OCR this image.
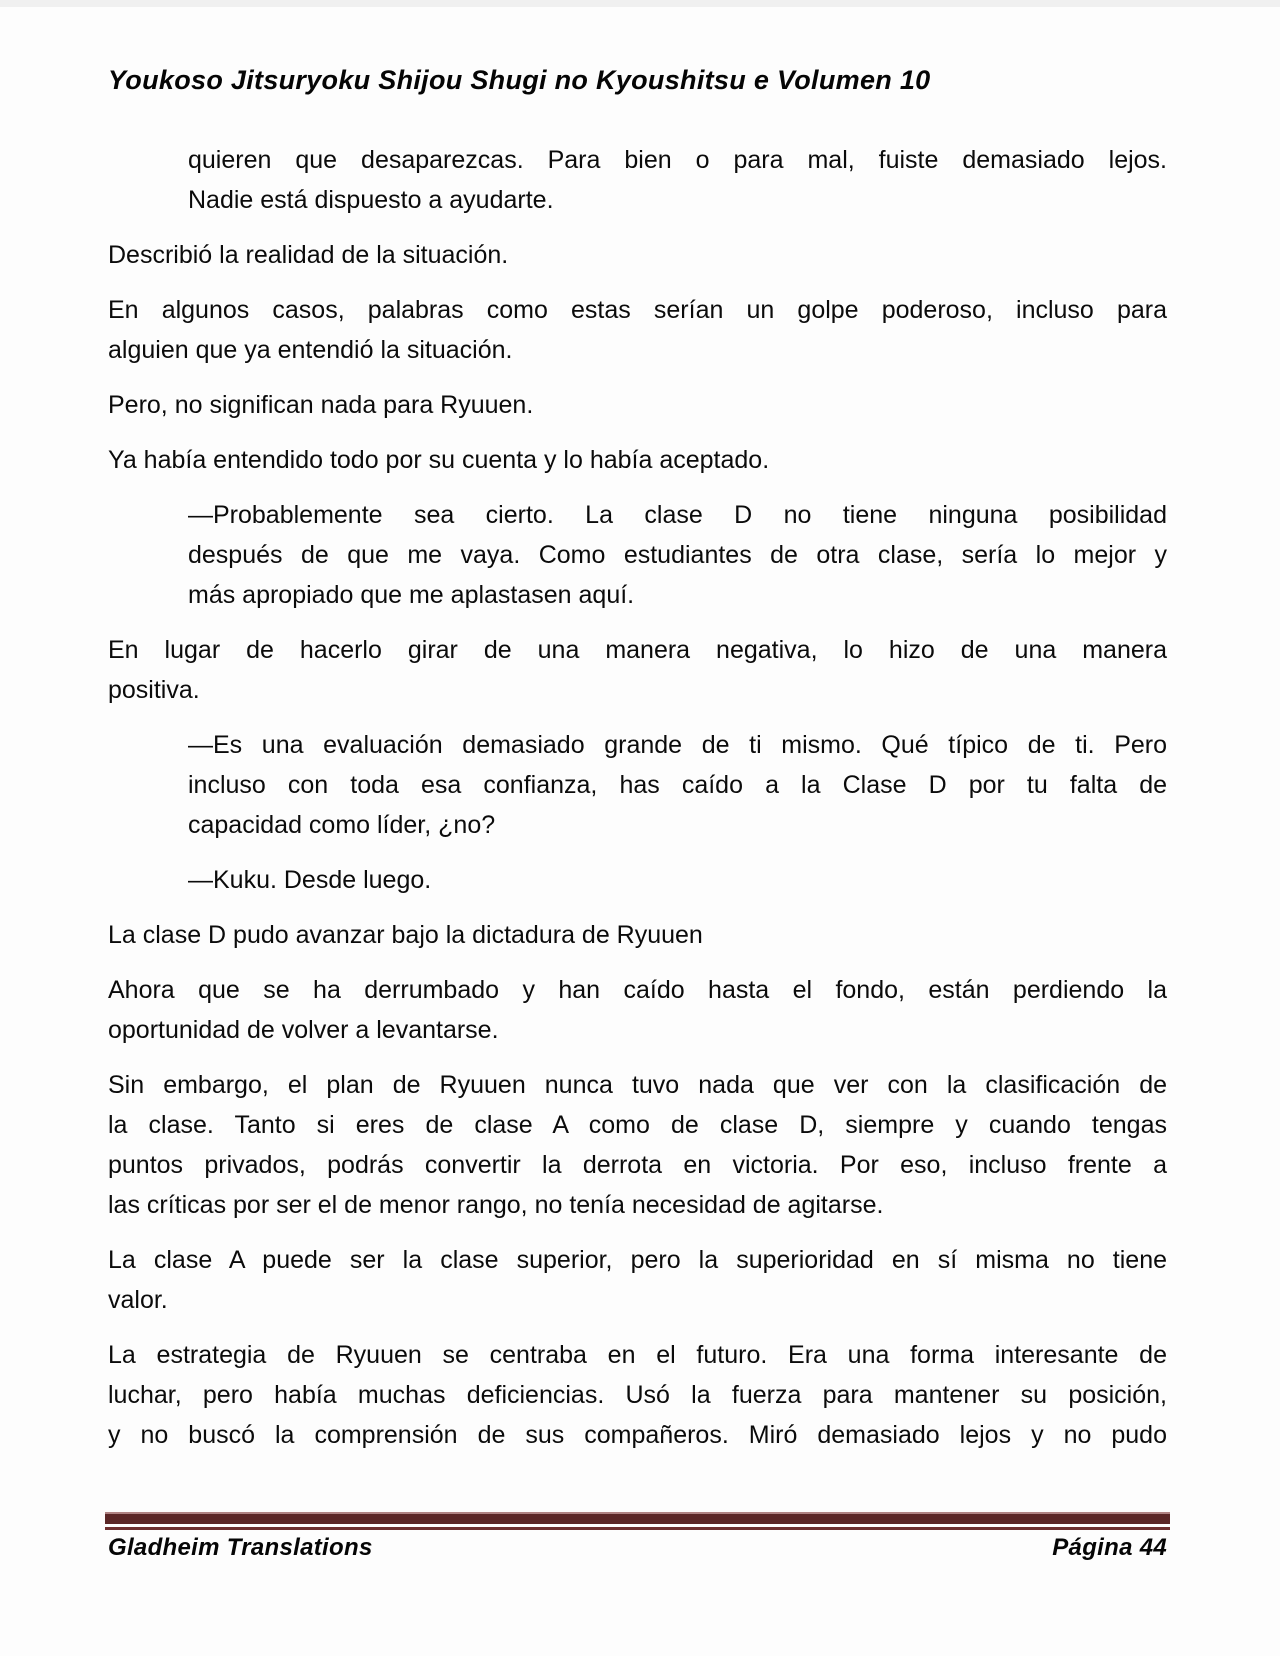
Youkoso Jitsuryoku Shijou Shugi no Kyoushitsu e Volumen 10

quieren que desaparezcas. Para bien o para mal, fuiste demasiado lejos.
Nadie está dispuesto a ayudarte.

Describió la realidad de la situación.

En algunos casos, palabras como estas serían un golpe poderoso, incluso para
alguien que ya entendió la situación.

Pero, no significan nada para Ryuuen.

Ya había entendido todo por su cuenta y lo había aceptado.

—Probablemente sea cierto. La clase D no tiene ninguna posibilidad
después de que me vaya. Como estudiantes de otra clase, sería lo mejor y
más apropiado que me aplastasen aquí.

En lugar de hacerlo girar de una manera negativa, lo hizo de una manera
positiva.

—Es una evaluación demasiado grande de ti mismo. Qué típico de ti. Pero
incluso con toda esa confianza, has caído a la Clase D por tu falta de
capacidad como líder, ¿no?

—Kuku. Desde luego.

La clase D pudo avanzar bajo la dictadura de Ryuuen

Ahora que se ha derrumbado y han caído hasta el fondo, están perdiendo la
oportunidad de volver a levantarse.

Sin embargo, el plan de Ryuuen nunca tuvo nada que ver con la clasificación de
la clase. Tanto si eres de clase A como de clase D, siempre y cuando tengas
puntos privados, podrás convertir la derrota en victoria. Por eso, incluso frente a
las críticas por ser el de menor rango, no tenía necesidad de agitarse.

La clase A puede ser la clase superior, pero la superioridad en sí misma no tiene
valor.

La estrategia de Ryuuen se centraba en el futuro. Era una forma interesante de
luchar, pero había muchas deficiencias. Usó la fuerza para mantener su posición,
y no buscó la comprensión de sus compañeros. Miró demasiado lejos y no pudo

Gladheim Translations	Página 44
